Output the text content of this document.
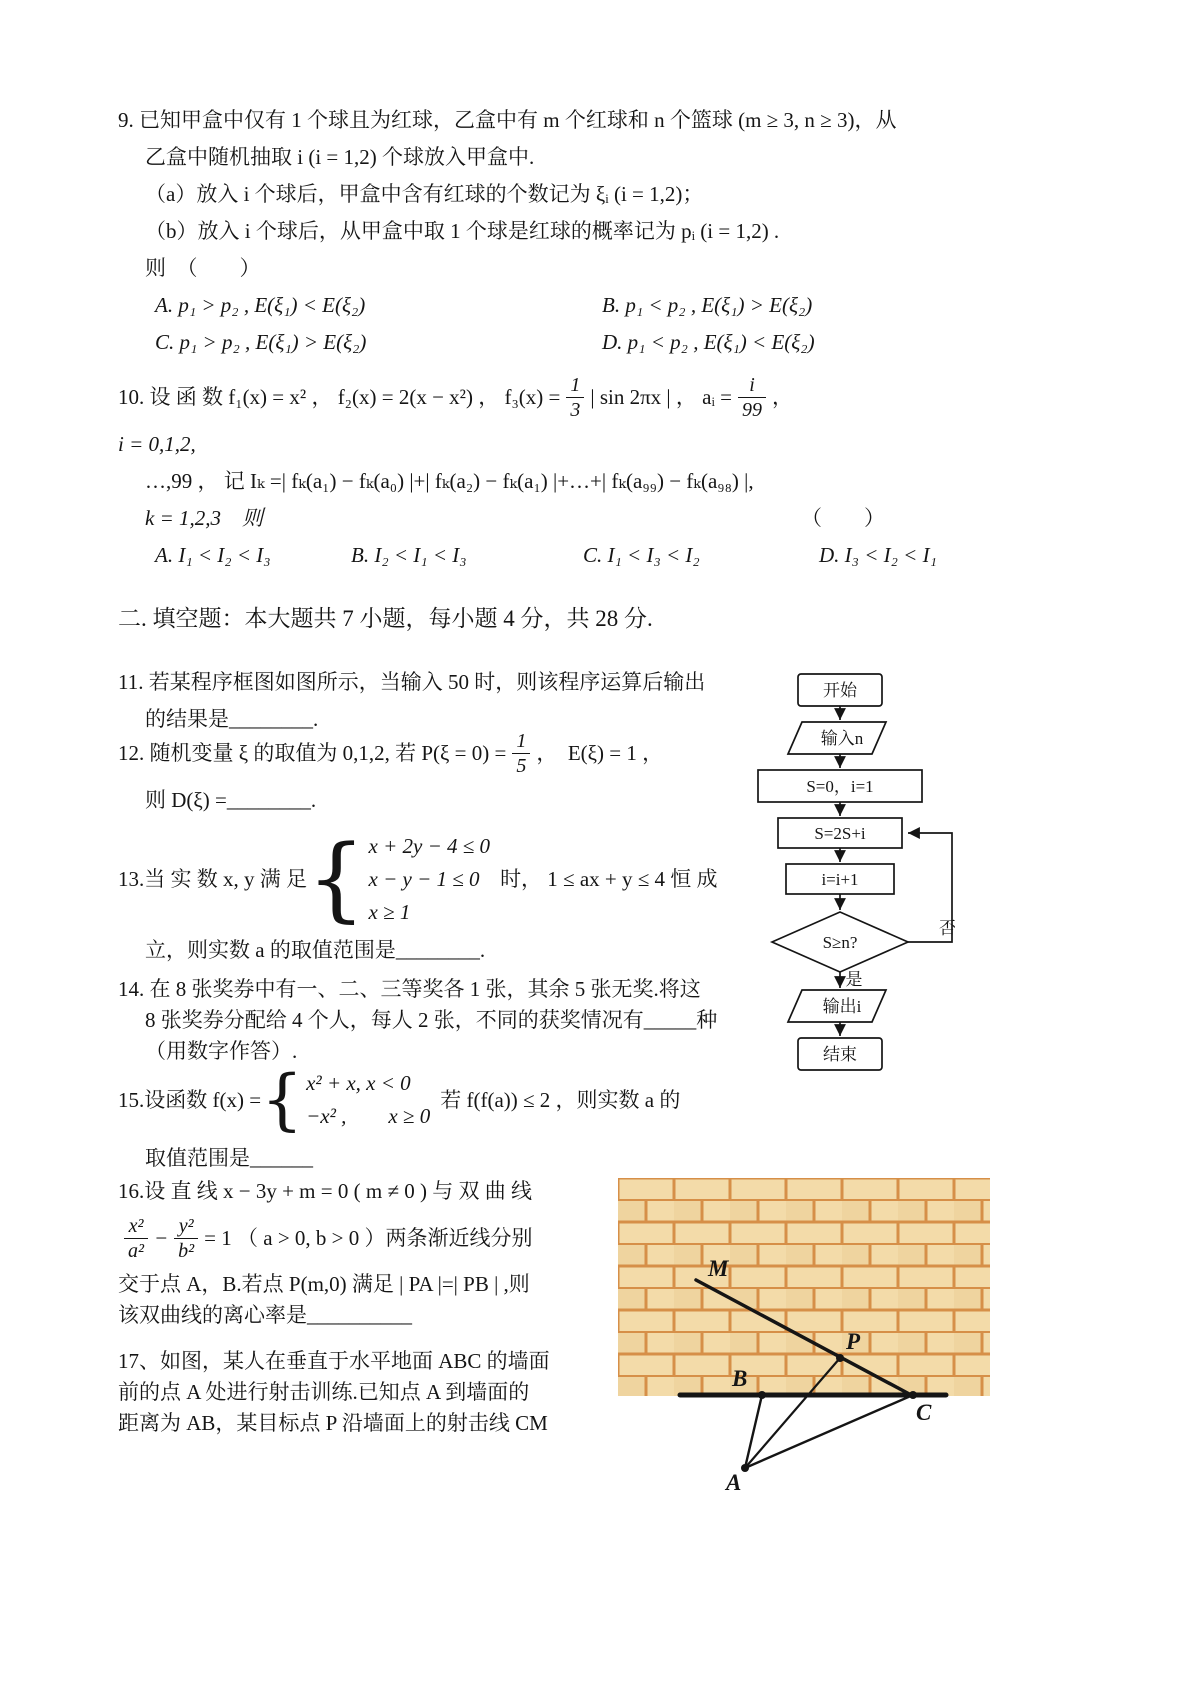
9. 已知甲盒中仅有 1 个球且为红球，乙盒中有 m 个红球和 n 个篮球 (m ≥ 3, n ≥ 3)，从
乙盒中随机抽取 i (i = 1,2) 个球放入甲盒中.
（a）放入 i 个球后，甲盒中含有红球的个数记为 ξᵢ (i = 1,2)；
（b）放入 i 个球后，从甲盒中取 1 个球是红球的概率记为 pᵢ (i = 1,2) .
则　（　　）
A. p₁ > p₂ , E(ξ₁) < E(ξ₂)	B. p₁ < p₂ , E(ξ₁) > E(ξ₂)
C. p₁ > p₂ , E(ξ₁) > E(ξ₂)	D. p₁ < p₂ , E(ξ₁) < E(ξ₂)
10. 设 函 数 f₁(x) = x² ， f₂(x) = 2(x − x²) ， $f_3(x) = \frac{1}{3}$ | sin 2πx | ， aᵢ = $\frac{i}{99}$ ，
i = 0,1,2,
…,99 ， 记 Iₖ =| fₖ(a₁) − fₖ(a₀) |+| fₖ(a₂) − fₖ(a₁) |+…+| fₖ(a₉₉) − fₖ(a₉₈) |,
k = 1,2,3　则	（　　）
A. I₁ < I₂ < I₃	B. I₂ < I₁ < I₃	C. I₁ < I₃ < I₂	D. I₃ < I₂ < I₁
二. 填空题：本大题共 7 小题，每小题 4 分，共 28 分.
11. 若某程序框图如图所示，当输入 50 时，则该程序运算后输出
的结果是________.
12. 随机变量 ξ 的取值为 0,1,2, 若 $P(\xi = 0) = \frac{1}{5}$ ，　E(ξ) = 1 ，
则 D(ξ) =________.
13.当 实 数 x, y 满 足 { x + 2y − 4 ≤ 0
x − y − 1 ≤ 0
x ≥ 1
时， 1 ≤ ax + y ≤ 4 恒 成
立，则实数 a 的取值范围是________.
14. 在 8 张奖券中有一、二、三等奖各 1 张，其余 5 张无奖.将这
8 张奖券分配给 4 个人，每人 2 张，不同的获奖情况有_____种
（用数字作答）.
15.设函数 f(x) = { x² + x, x < 0
−x² ,　　x ≥ 0
若 f(f(a)) ≤ 2 ，则实数 a 的
取值范围是______
16.设 直 线 x − 3y + m = 0 ( m ≠ 0 ) 与 双 曲 线
$\frac{\text{x²}}{\text{a²}} - \frac{\text{y²}}{\text{b²}} = 1$ （ a > 0, b > 0 ）两条渐近线分别
交于点 A，B.若点 P(m,0) 满足 | PA |=| PB | ,则
该双曲线的离心率是__________
17、如图，某人在垂直于水平地面 ABC 的墙面
前的点 A 处进行射击训练.已知点 A 到墙面的
距离为 AB，某目标点 P 沿墙面上的射击线 CM
开始
输入n
S=0，i=1
S=2S+i
i=i+1
S≥n?
否
是
输出i
结束
M
P
B
C
A
